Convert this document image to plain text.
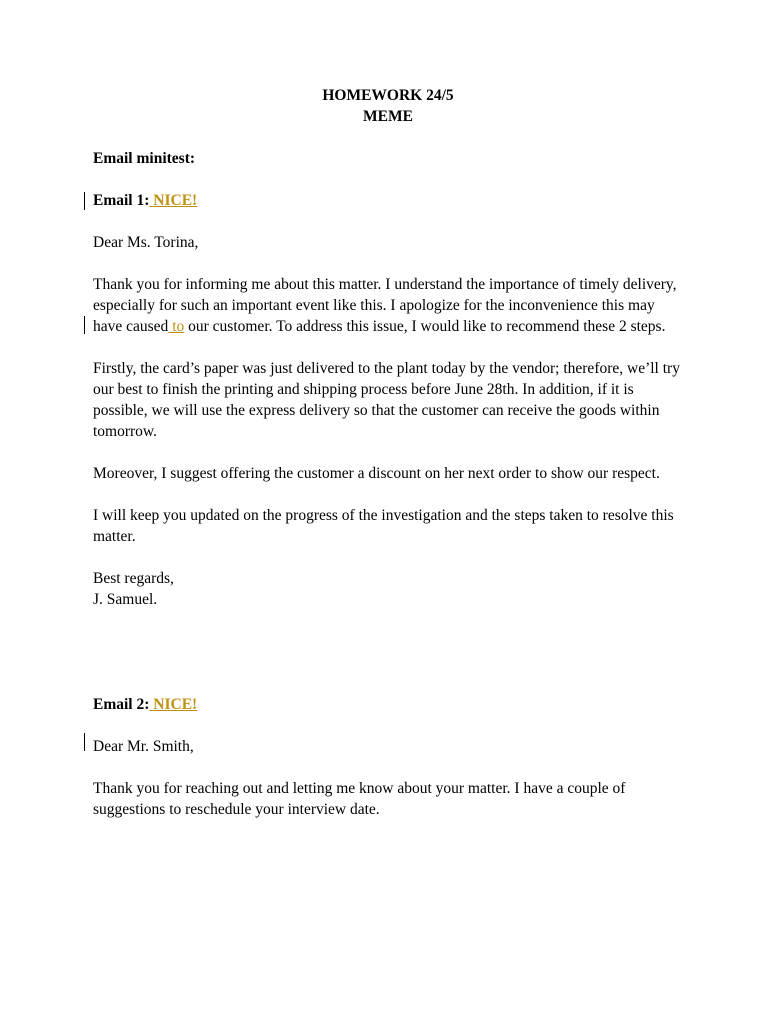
HOMEWORK 24/5

MEME

Email minitest:

Email 1: NICE!

Dear Ms. Torina,

Thank you for informing me about this matter. I understand the importance of timely delivery, especially for such an important event like this. I apologize for the inconvenience this may have caused to our customer. To address this issue, I would like to recommend these 2 steps.

Firstly, the card’s paper was just delivered to the plant today by the vendor; therefore, we’ll try our best to finish the printing and shipping process before June 28th. In addition, if it is possible, we will use the express delivery so that the customer can receive the goods within tomorrow.

Moreover, I suggest offering the customer a discount on her next order to show our respect.

I will keep you updated on the progress of the investigation and the steps taken to resolve this matter.

Best regards,

J. Samuel.

Email 2: NICE!

Dear Mr. Smith,

Thank you for reaching out and letting me know about your matter. I have a couple of suggestions to reschedule your interview date.
